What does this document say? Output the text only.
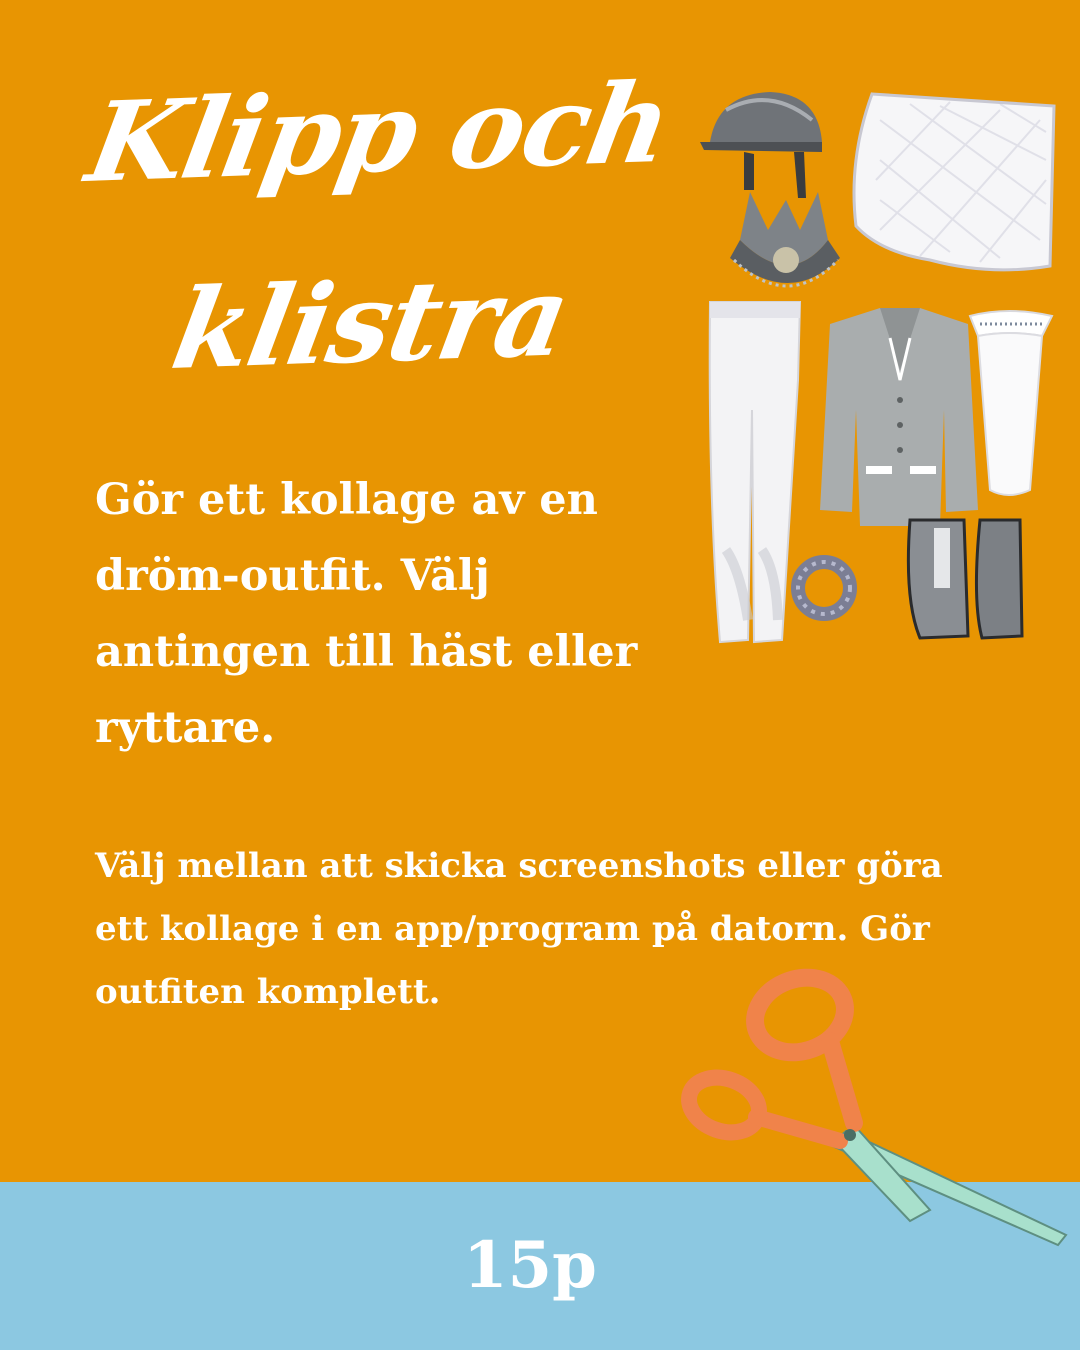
Klipp och
klistra

Gör ett kollage av en dröm-outfit. Välj antingen till häst eller ryttare.

Välj mellan att skicka screenshots eller göra ett kollage i en app/program på datorn. Gör outfiten komplett.

15p
